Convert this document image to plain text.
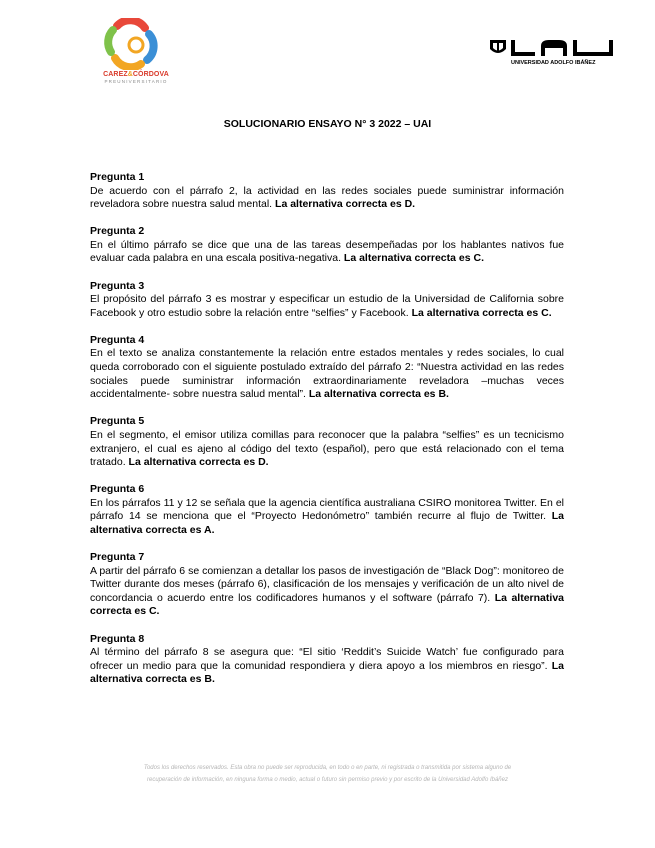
CAREZ&CÓRDOVA
PREUNIVERSITARIO
UNIVERSIDAD ADOLFO IBÁÑEZ
SOLUCIONARIO ENSAYO N° 3 2022 – UAI
Pregunta 1
De acuerdo con el párrafo 2, la actividad en las redes sociales puede suministrar información reveladora sobre nuestra salud mental. La alternativa correcta es D.
Pregunta 2
En el último párrafo se dice que una de las tareas desempeñadas por los hablantes nativos fue evaluar cada palabra en una escala positiva-negativa. La alternativa correcta es C.
Pregunta 3
El propósito del párrafo 3 es mostrar y especificar un estudio de la Universidad de California sobre Facebook y otro estudio sobre la relación entre “selfies” y Facebook. La alternativa correcta es C.
Pregunta 4
En el texto se analiza constantemente la relación entre estados mentales y redes sociales, lo cual queda corroborado con el siguiente postulado extraído del párrafo 2: “Nuestra actividad en las redes sociales puede suministrar información extraordinariamente reveladora –muchas veces accidentalmente- sobre nuestra salud mental”. La alternativa correcta es B.
Pregunta 5
En el segmento, el emisor utiliza comillas para reconocer que la palabra “selfies” es un tecnicismo extranjero, el cual es ajeno al código del texto (español), pero que está relacionado con el tema tratado. La alternativa correcta es D.
Pregunta 6
En los párrafos 11 y 12 se señala que la agencia científica australiana CSIRO monitorea Twitter. En el párrafo 14 se menciona que el “Proyecto Hedonómetro” también recurre al flujo de Twitter. La alternativa correcta es A.
Pregunta 7
A partir del párrafo 6 se comienzan a detallar los pasos de investigación de “Black Dog”: monitoreo de Twitter durante dos meses (párrafo 6), clasificación de los mensajes y verificación de un alto nivel de concordancia o acuerdo entre los codificadores humanos y el software (párrafo 7). La alternativa correcta es C.
Pregunta 8
Al término del párrafo 8 se asegura que: “El sitio ‘Reddit’s Suicide Watch’ fue configurado para ofrecer un medio para que la comunidad respondiera y diera apoyo a los miembros en riesgo”. La alternativa correcta es B.
Todos los derechos reservados. Esta obra no puede ser reproducida, en todo o en parte, ni registrada o transmitida por sistema alguno de
recuperación de información, en ninguna forma o medio, actual o futuro sin permiso previo y por escrito de la Universidad Adolfo Ibáñez
